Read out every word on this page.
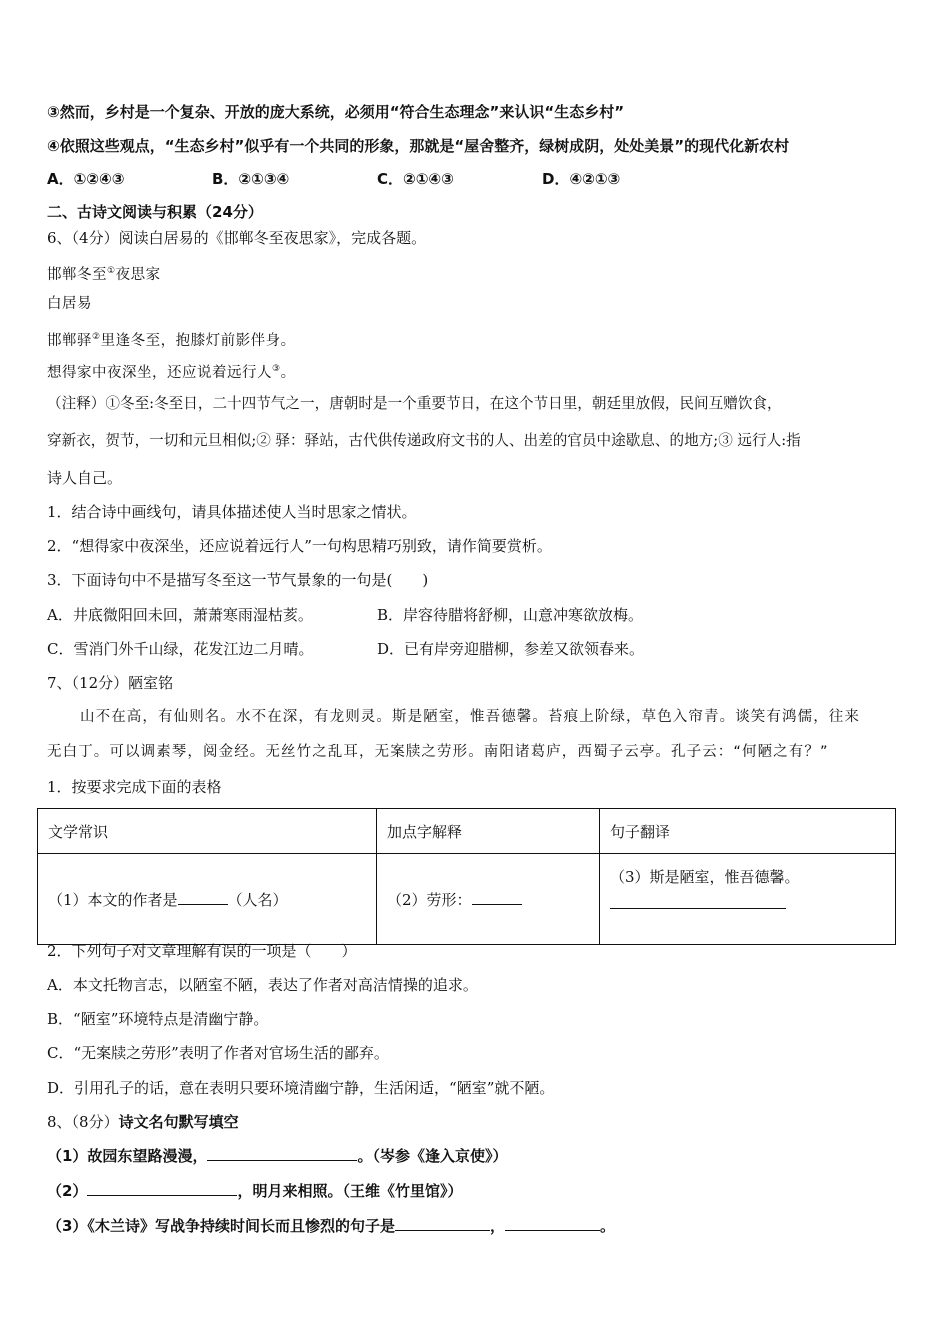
③然而，乡村是一个复杂、开放的庞大系统，必须用“符合生态理念”来认识“生态乡村”
④依照这些观点，“生态乡村”似乎有一个共同的形象，那就是“屋舍整齐，绿树成阴，处处美景”的现代化新农村
A．①②④③	B．②①③④	C．②①④③	D．④②①③
二、古诗文阅读与积累（24分）
6、（4分）阅读白居易的《邯郸冬至夜思家》，完成各题。
邯郸冬至①夜思家
白居易
邯郸驿②里逢冬至，抱膝灯前影伴身。
想得家中夜深坐，还应说着远行人③。
（注释）①冬至:冬至日，二十四节气之一，唐朝时是一个重要节日，在这个节日里，朝廷里放假，民间互赠饮食，
穿新衣，贺节，一切和元旦相似;② 驿：驿站，古代供传递政府文书的人、出差的官员中途歇息、的地方;③ 远行人:指
诗人自己。
1．结合诗中画线句，请具体描述使人当时思家之情状。
2．“想得家中夜深坐，还应说着远行人”一句构思精巧别致，请作简要赏析。
3．下面诗句中不是描写冬至这一节气景象的一句是(　　)
A．井底微阳回未回，萧萧寒雨湿枯荄。	B．岸容待腊将舒柳，山意冲寒欲放梅。
C．雪消门外千山绿，花发江边二月晴。	D．已有岸旁迎腊柳，参差又欲领春来。
7、（12分）陋室铭
山不在高，有仙则名。水不在深，有龙则灵。斯是陋室，惟吾德馨。苔痕上阶绿，草色入帘青。谈笑有鸿儒，往来
无白丁。可以调素琴，阅金经。无丝竹之乱耳，无案牍之劳形。南阳诸葛庐，西蜀子云亭。孔子云：“何陋之有？”
1．按要求完成下面的表格
文学常识	加点字解释	句子翻译
（1）本文的作者是 （人名）	（2）劳形：	（3）斯是陋室，惟吾德馨。
2．下列句子对文章理解有误的一项是（　　）
A．本文托物言志，以陋室不陋，表达了作者对高洁情操的追求。
B．“陋室”环境特点是清幽宁静。
C．“无案牍之劳形”表明了作者对官场生活的鄙弃。
D．引用孔子的话，意在表明只要环境清幽宁静，生活闲适，“陋室”就不陋。
8、（8分）诗文名句默写填空
（1）故园东望路漫漫，	。（岑参《逢入京使》）
（2）	，明月来相照。（王维《竹里馆》）
（3）《木兰诗》写战争持续时间长而且惨烈的句子是	，	。
